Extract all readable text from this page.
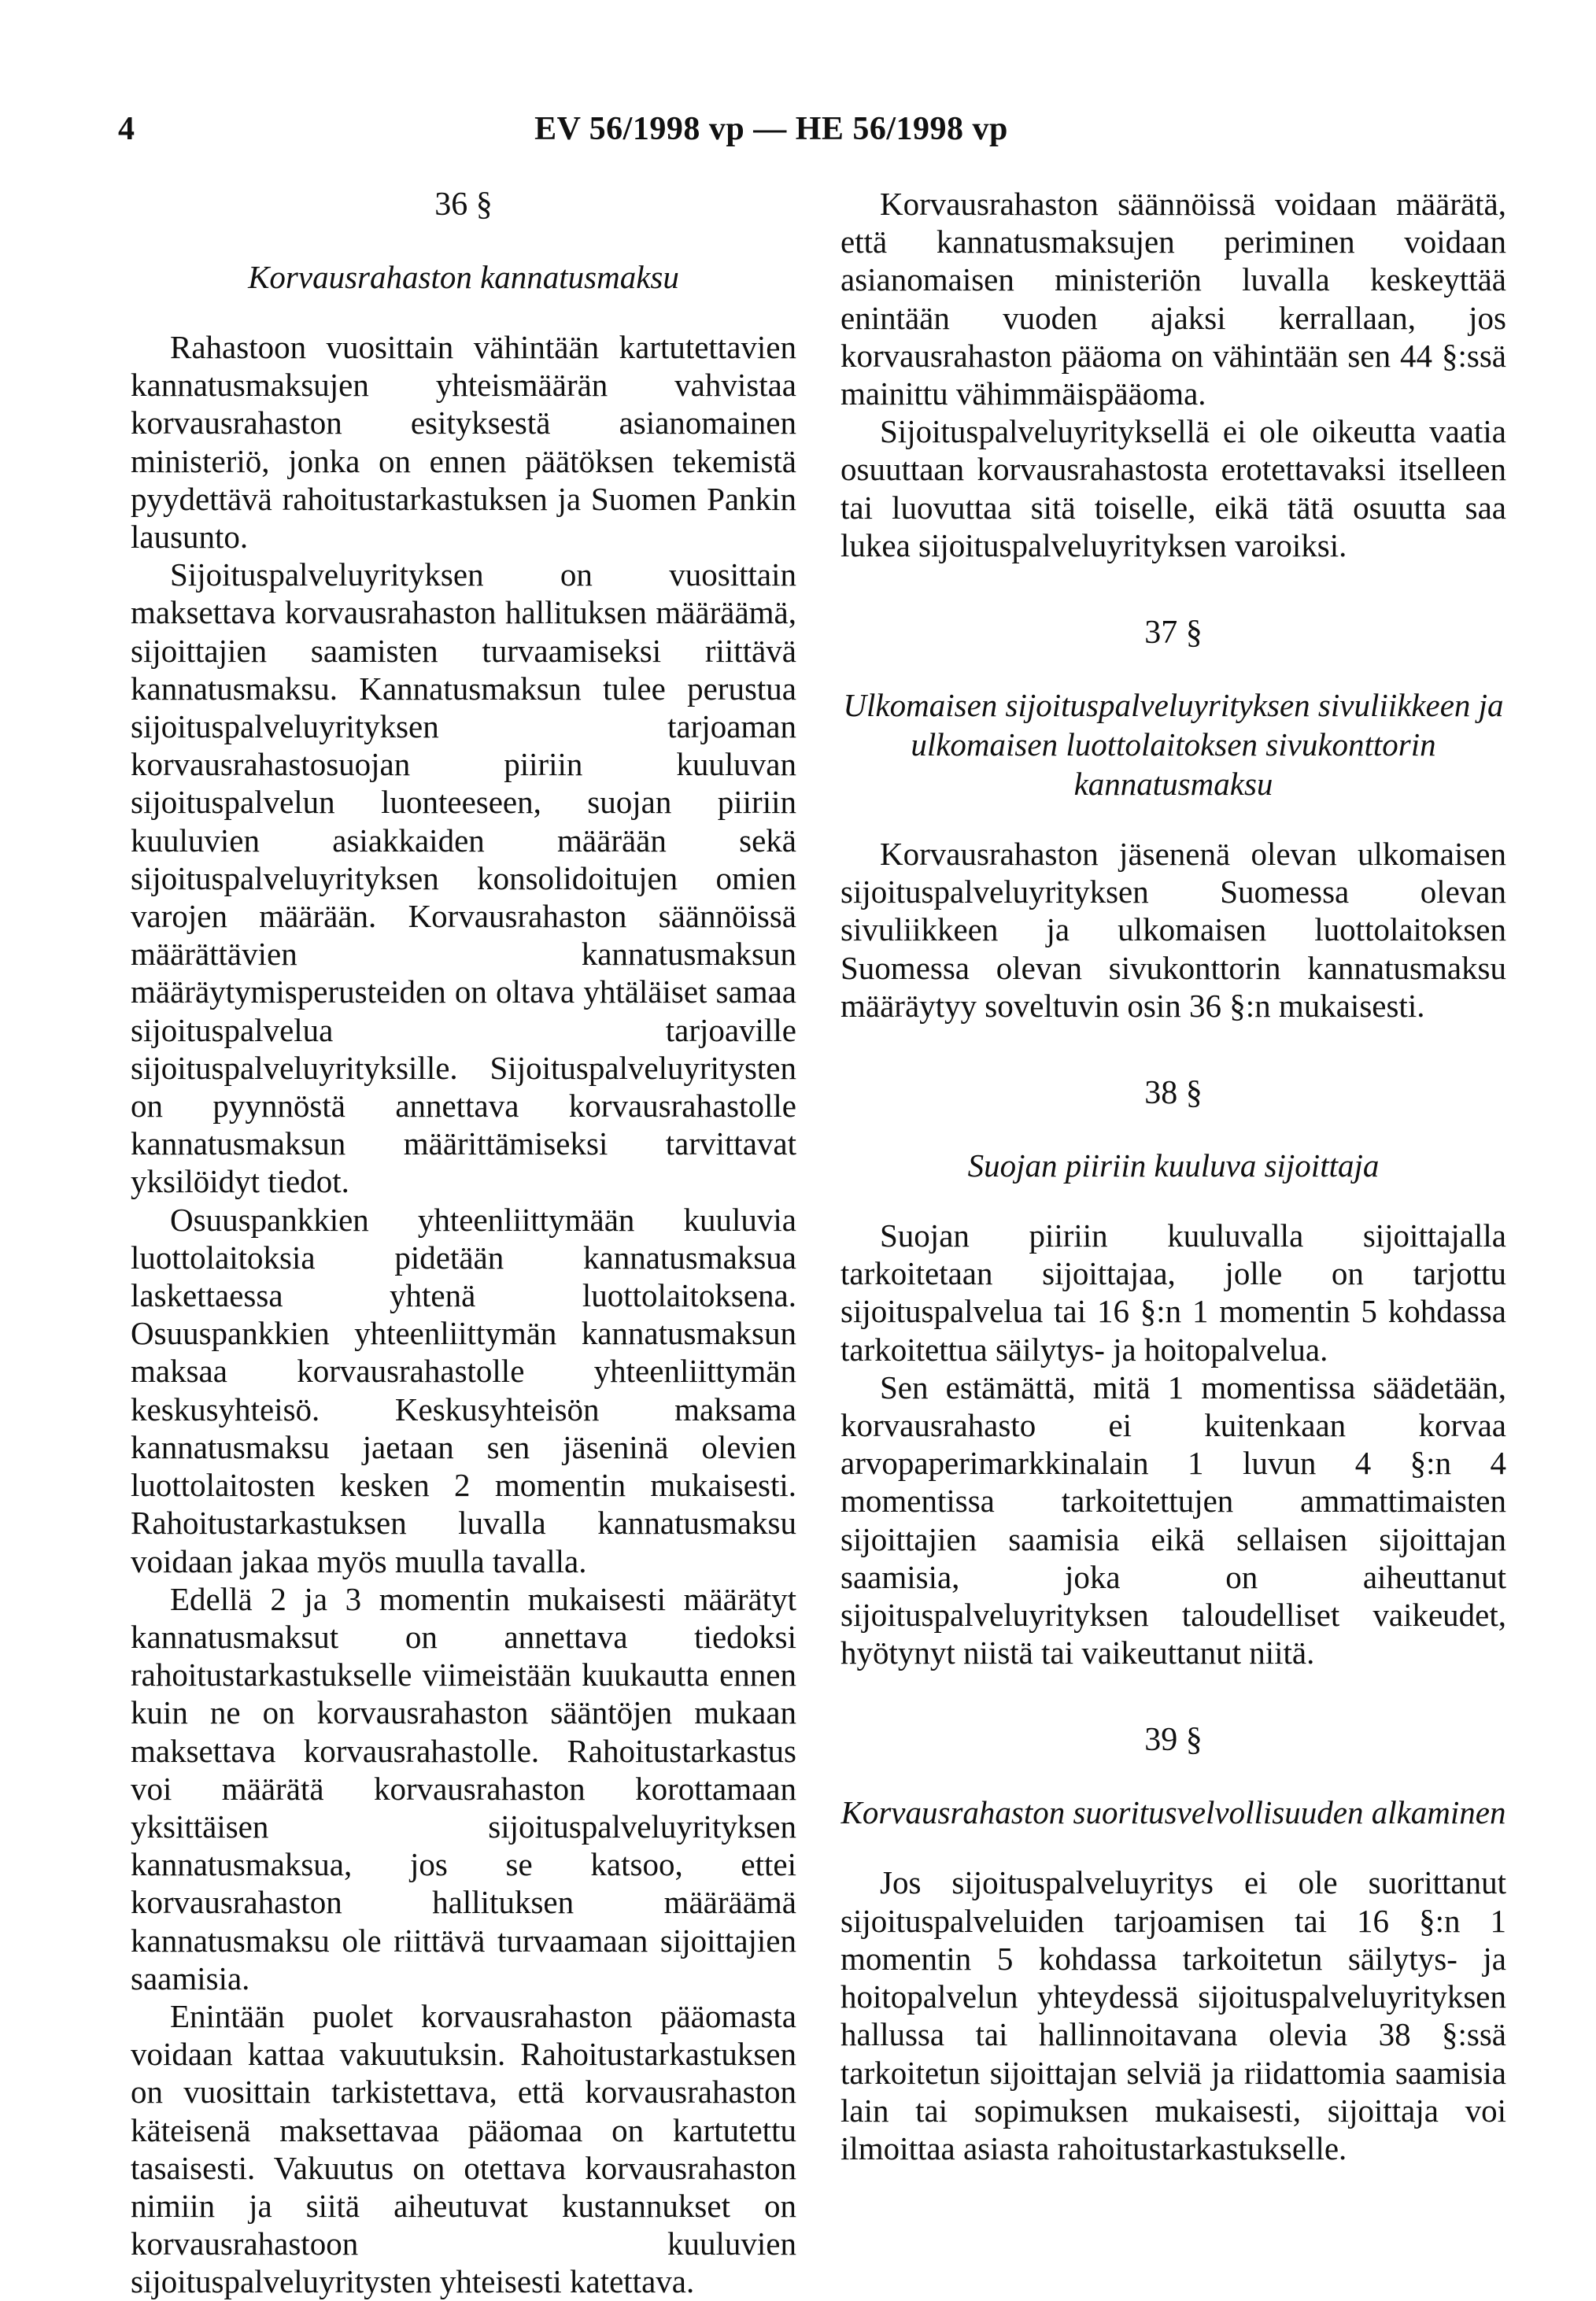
4	EV 56/1998 vp — HE 56/1998 vp
36 §
Korvausrahaston kannatusmaksu

Rahastoon vuosittain vähintään kartutettavien kannatusmaksujen yhteismäärän vahvistaa korvausrahaston esityksestä asianomainen ministeriö, jonka on ennen päätöksen tekemistä pyydettävä rahoitustarkastuksen ja Suomen Pankin lausunto.

Sijoituspalveluyrityksen on vuosittain maksettava korvausrahaston hallituksen määräämä, sijoittajien saamisten turvaamiseksi riittävä kannatusmaksu. Kannatusmaksun tulee perustua sijoituspalveluyrityksen tarjoaman korvausrahastosuojan piiriin kuuluvan sijoituspalvelun luonteeseen, suojan piiriin kuuluvien asiakkaiden määrään sekä sijoituspalveluyrityksen konsolidoitujen omien varojen määrään. Korvausrahaston säännöissä määrättävien kannatusmaksun määräytymisperusteiden on oltava yhtäläiset samaa sijoituspalvelua tarjoaville sijoituspalveluyrityksille. Sijoituspalveluyritysten on pyynnöstä annettava korvausrahastolle kannatusmaksun määrittämiseksi tarvittavat yksilöidyt tiedot.

Osuuspankkien yhteenliittymään kuuluvia luottolaitoksia pidetään kannatusmaksua laskettaessa yhtenä luottolaitoksena. Osuuspankkien yhteenliittymän kannatusmaksun maksaa korvausrahastolle yhteenliittymän keskusyhteisö. Keskusyhteisön maksama kannatusmaksu jaetaan sen jäseninä olevien luottolaitosten kesken 2 momentin mukaisesti. Rahoitustarkastuksen luvalla kannatusmaksu voidaan jakaa myös muulla tavalla.

Edellä 2 ja 3 momentin mukaisesti määrätyt kannatusmaksut on annettava tiedoksi rahoitustarkastukselle viimeistään kuukautta ennen kuin ne on korvausrahaston sääntöjen mukaan maksettava korvausrahastolle. Rahoitustarkastus voi määrätä korvausrahaston korottamaan yksittäisen sijoituspalveluyrityksen kannatusmaksua, jos se katsoo, ettei korvausrahaston hallituksen määräämä kannatusmaksu ole riittävä turvaamaan sijoittajien saamisia.

Enintään puolet korvausrahaston pääomasta voidaan kattaa vakuutuksin. Rahoitustarkastuksen on vuosittain tarkistettava, että korvausrahaston käteisenä maksettavaa pääomaa on kartutettu tasaisesti. Vakuutus on otettava korvausrahaston nimiin ja siitä aiheutuvat kustannukset on korvausrahastoon kuuluvien sijoituspalveluyritysten yhteisesti katettava.

Korvausrahaston säännöissä voidaan määrätä, että kannatusmaksujen periminen voidaan asianomaisen ministeriön luvalla keskeyttää enintään vuoden ajaksi kerrallaan, jos korvausrahaston pääoma on vähintään sen 44 §:ssä mainittu vähimmäispääoma.

Sijoituspalveluyrityksellä ei ole oikeutta vaatia osuuttaan korvausrahastosta erotettavaksi itselleen tai luovuttaa sitä toiselle, eikä tätä osuutta saa lukea sijoituspalveluyrityksen varoiksi.

37 §
Ulkomaisen sijoituspalveluyrityksen sivuliikkeen ja ulkomaisen luottolaitoksen sivukonttorin kannatusmaksu

Korvausrahaston jäsenenä olevan ulkomaisen sijoituspalveluyrityksen Suomessa olevan sivuliikkeen ja ulkomaisen luottolaitoksen Suomessa olevan sivukonttorin kannatusmaksu määräytyy soveltuvin osin 36 §:n mukaisesti.

38 §
Suojan piiriin kuuluva sijoittaja

Suojan piiriin kuuluvalla sijoittajalla tarkoitetaan sijoittajaa, jolle on tarjottu sijoituspalvelua tai 16 §:n 1 momentin 5 kohdassa tarkoitettua säilytys- ja hoitopalvelua.

Sen estämättä, mitä 1 momentissa säädetään, korvausrahasto ei kuitenkaan korvaa arvopaperimarkkinalain 1 luvun 4 §:n 4 momentissa tarkoitettujen ammattimaisten sijoittajien saamisia eikä sellaisen sijoittajan saamisia, joka on aiheuttanut sijoituspalveluyrityksen taloudelliset vaikeudet, hyötynyt niistä tai vaikeuttanut niitä.

39 §
Korvausrahaston suoritusvelvollisuuden alkaminen

Jos sijoituspalveluyritys ei ole suorittanut sijoituspalveluiden tarjoamisen tai 16 §:n 1 momentin 5 kohdassa tarkoitetun säilytys- ja hoitopalvelun yhteydessä sijoituspalveluyrityksen hallussa tai hallinnoitavana olevia 38 §:ssä tarkoitetun sijoittajan selviä ja riidattomia saamisia lain tai sopimuksen mukaisesti, sijoittaja voi ilmoittaa asiasta rahoitustarkastukselle.
